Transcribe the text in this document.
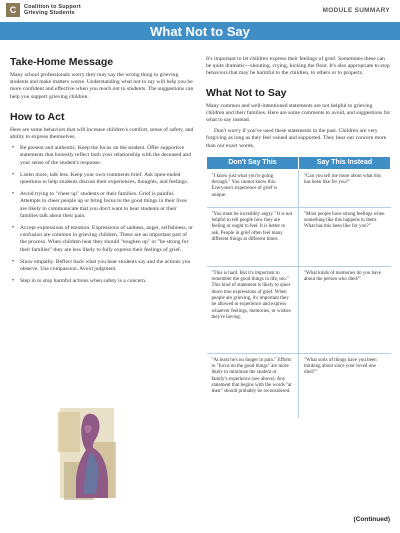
C Coalition to Support
Grieving Students	MODULE SUMMARY
What Not to Say
Take-Home Message

Many school professionals worry they may say the wrong thing to grieving students and make matters worse. Understanding what not to say will help you be more confident and effective when you reach out to students. The suggestions can help you support grieving children.

How to Act

Here are some behaviors that will increase children's comfort, sense of safety, and ability to express themselves.

• Be present and authentic. Keep the focus on the student. Offer supportive statements that honestly reflect both your relationship with the deceased and your sense of the student's response.
• Listen more, talk less. Keep your own comments brief. Ask open-ended questions to help students discuss their experiences, thoughts, and feelings.
• Avoid trying to "cheer up" students or their families. Grief is painful. Attempts to cheer people up or bring focus to the good things in their lives are likely to communicate that you don't want to hear students or their families talk about their pain.
• Accept expressions of emotion. Expressions of sadness, anger, selfishness, or confusion are common in grieving children. These are an important part of the process. When children hear they should "toughen up" or "be strong for their families" they are less likely to fully express their feelings of grief.
• Show empathy. Reflect back what you hear students say and the actions you observe. Use compassion. Avoid judgment.
• Step in to stop harmful actions when safety is a concern.

It's important to let children express their feelings of grief. Sometimes these can be quite dramatic—shouting, crying, kicking the floor. It's also appropriate to stop behaviors that may be harmful to the children, to others or to property.

What Not to Say

Many common and well-intentioned statements are not helpful to grieving children and their families. Here are some comments to avoid, and suggestions for what to say instead.

Don't worry if you've used these statements in the past. Children are very forgiving as long as they feel valued and supported. They hear our concern more than our exact words.

Don't Say This	Say This Instead
"I know just what you're going through." You cannot know this. Everyone's experience of grief is unique.	"Can you tell me more about what this has been like for you?"
"You must be incredibly angry." It is not helpful to tell people how they are feeling or ought to feel. It is better to ask. People in grief often feel many different things at different times.	"Most people have strong feelings when something like this happens to them. What has this been like for you?"
"This is hard. But it's important to remember the good things in life, too." This kind of statement is likely to quiet down true expressions of grief. When people are grieving, it's important they be allowed to experience and express whatever feelings, memories, or wishes they're having.	"What kinds of memories do you have about the person who died?"
"At least he's no longer in pain." Efforts to "focus on the good things" are more likely to minimize the student or family's experience (see above). Any statement that begins with the words "at least" should probably be reconsidered.	"What sorts of things have you been thinking about since your loved one died?"
(Continued)
